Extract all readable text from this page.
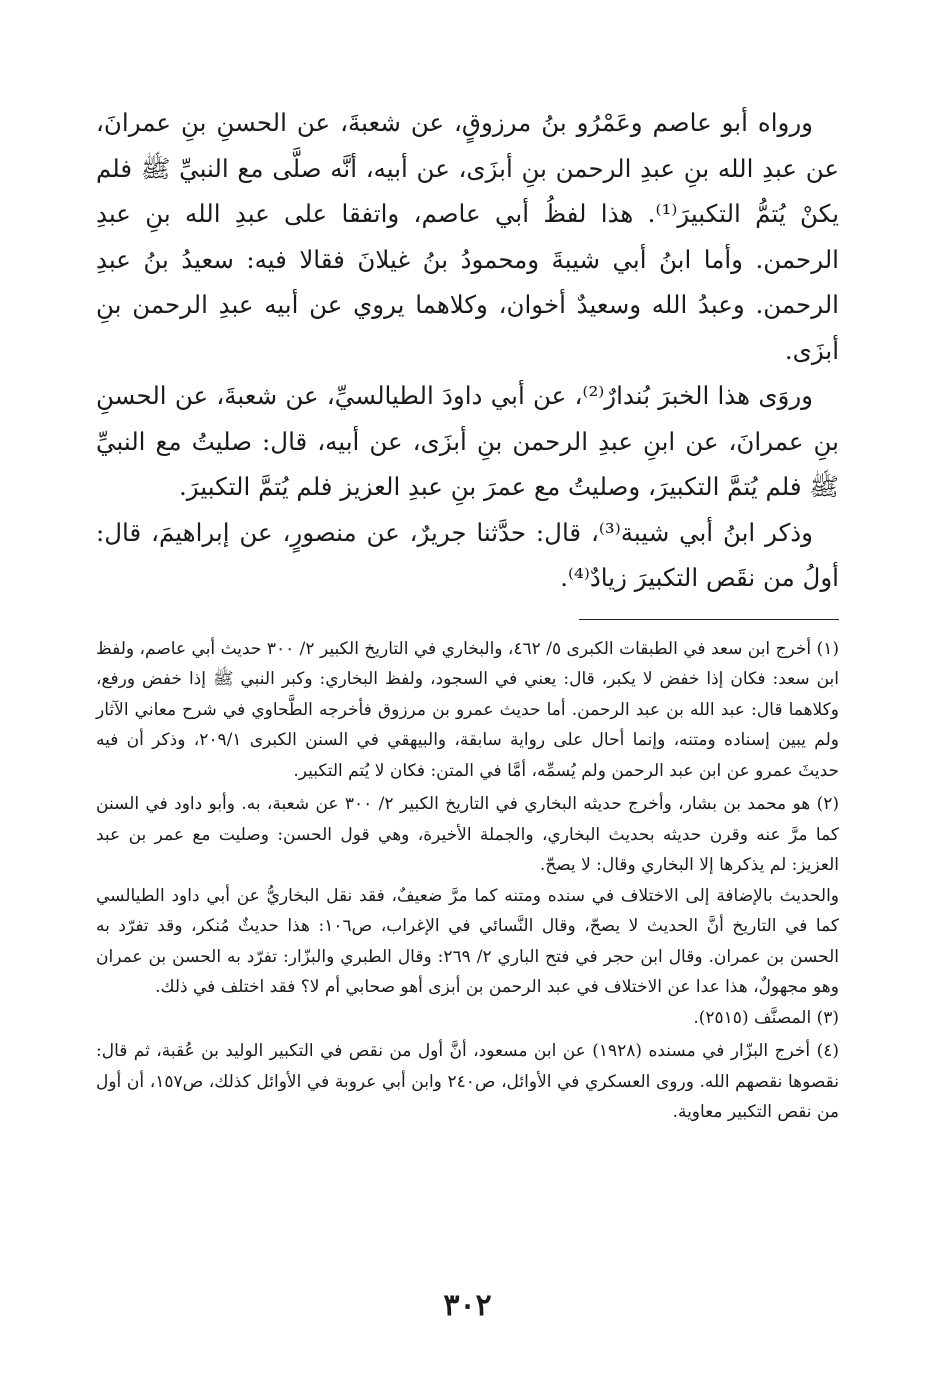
ورواه أبو عاصم وعَمْرُو بنُ مرزوقٍ، عن شعبةَ، عن الحسنِ بنِ عمرانَ، عن عبدِ الله بنِ عبدِ الرحمن بنِ أبزَى، عن أبيه، أنَّه صلَّى مع النبيِّ ﷺ فلم يكنْ يُتمُّ التكبيرَ⁽¹⁾. هذا لفظُ أبي عاصم، واتفقا على عبدِ الله بنِ عبدِ الرحمن. وأما ابنُ أبي شيبةَ ومحمودُ بنُ غيلانَ فقالا فيه: سعيدُ بنُ عبدِ الرحمن. وعبدُ الله وسعيدٌ أخوان، وكلاهما يروي عن أبيه عبدِ الرحمن بنِ أبزَى.

وروَى هذا الخبرَ بُندارٌ⁽²⁾، عن أبي داودَ الطيالسيِّ، عن شعبةَ، عن الحسنِ بنِ عمرانَ، عن ابنِ عبدِ الرحمن بنِ أبزَى، عن أبيه، قال: صليتُ مع النبيِّ ﷺ فلم يُتمَّ التكبيرَ، وصليتُ مع عمرَ بنِ عبدِ العزيز فلم يُتمَّ التكبيرَ.

وذكر ابنُ أبي شيبة⁽³⁾، قال: حدَّثنا جريرٌ، عن منصورٍ، عن إبراهيمَ، قال: أولُ من نقَص التكبيرَ زيادٌ⁽⁴⁾.

(١) أخرج ابن سعد في الطبقات الكبرى ٥/ ٤٦٢، والبخاري في التاريخ الكبير ٢/ ٣٠٠ حديث أبي عاصم، ولفظ ابن سعد: فكان إذا خفض لا يكبر، قال: يعني في السجود، ولفظ البخاري: وكبر النبي ﷺ إذا خفض ورفع، وكلاهما قال: عبد الله بن عبد الرحمن. أما حديث عمرو بن مرزوق فأخرجه الطَّحاوي في شرح معاني الآثار ولم يبين إسناده ومتنه، وإنما أحال على رواية سابقة، والبيهقي في السنن الكبرى ٢٠٩/١، وذكر أن فيه حديثَ عمرو عن ابن عبد الرحمن ولم يُسمِّه، أمَّا في المتن: فكان لا يُتم التكبير.

(٢) هو محمد بن بشار، وأخرج حديثه البخاري في التاريخ الكبير ٢/ ٣٠٠ عن شعبة، به. وأبو داود في السنن كما مرَّ عنه وقرن حديثه بحديث البخاري، والجملة الأخيرة، وهي قول الحسن: وصليت مع عمر بن عبد العزيز: لم يذكرها إلا البخاري وقال: لا يصحّ.

والحديث بالإضافة إلى الاختلاف في سنده ومتنه كما مرَّ ضعيفٌ، فقد نقل البخاريُّ عن أبي داود الطيالسي كما في التاريخ أنَّ الحديث لا يصحّ، وقال النَّسائي في الإغراب، ص١٠٦: هذا حديثٌ مُنكر، وقد تفرّد به الحسن بن عمران. وقال ابن حجر في فتح الباري ٢/ ٢٦٩: وقال الطبري والبزّار: تفرّد به الحسن بن عمران وهو مجهولٌ، هذا عدا عن الاختلاف في عبد الرحمن بن أبزى أهو صحابي أم لا؟ فقد اختلف في ذلك.

(٣) المصنَّف (٢٥١٥).

(٤) أخرج البزّار في مسنده (١٩٢٨) عن ابن مسعود، أنَّ أول من نقص في التكبير الوليد بن عُقبة، ثم قال: نقصوها نقصهم الله. وروى العسكري في الأوائل، ص٢٤٠ وابن أبي عروبة في الأوائل كذلك، ص١٥٧، أن أول من نقص التكبير معاوية.

٣٠٢
